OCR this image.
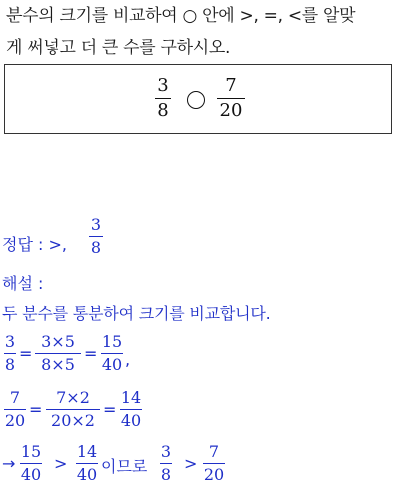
분수의 크기를 비교하여 ○ 안에 >, =, <를 알맞
게 써넣고 더 큰 수를 구하시오.
3
8
7
20
정답 : >,
3
8
해설 :
두 분수를 통분하여 크기를 비교합니다.
3
8
=
3×5
8×5
=
15
40 ,
7
20
=
7×2
20×2
=
14
40
→
15
40
>
14
40 이므로
3
8
>
7
20
